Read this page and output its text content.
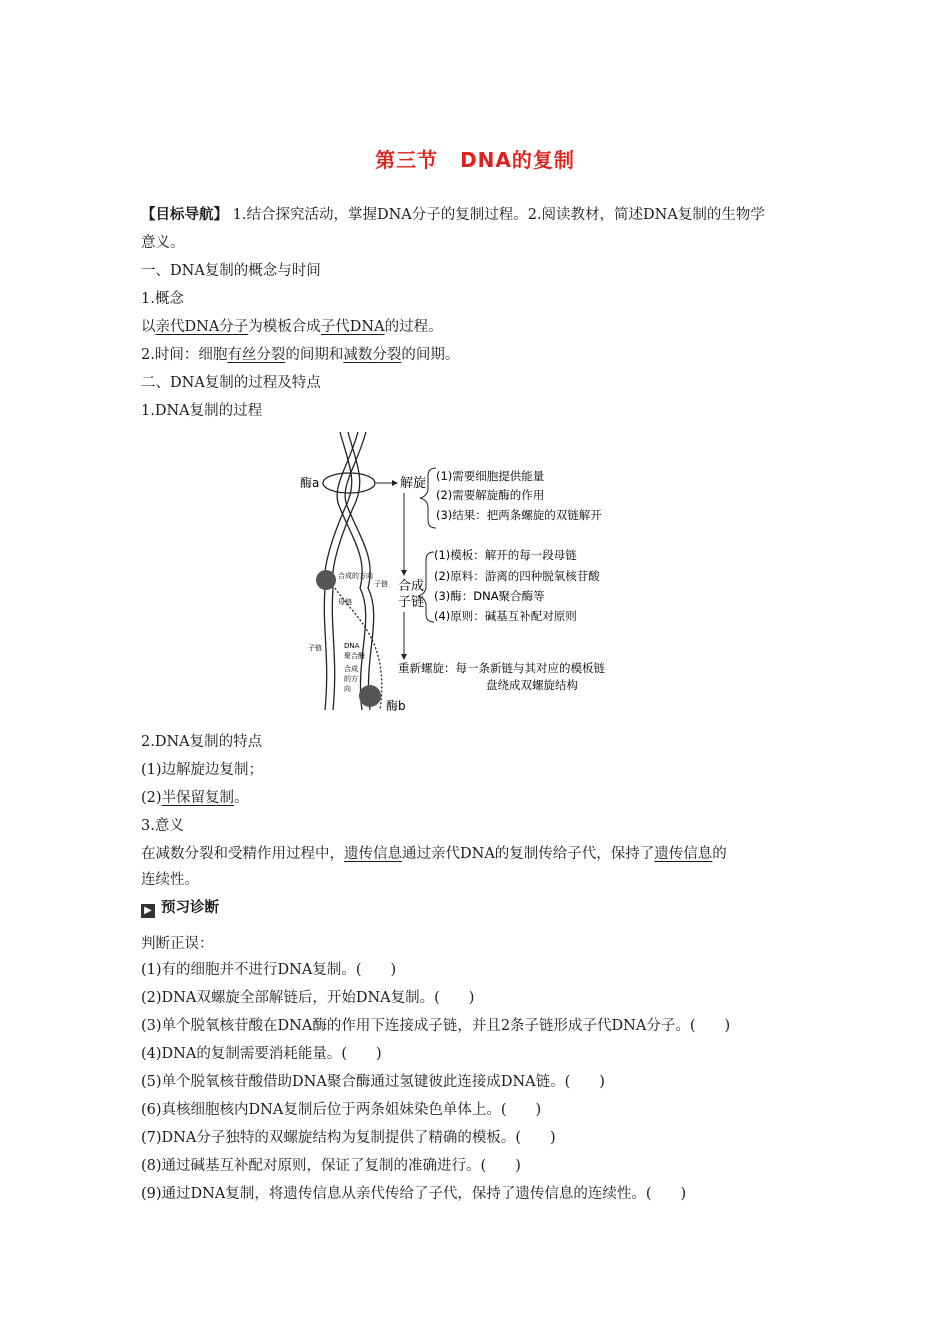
第三节 DNA的复制
【目标导航】 1.结合探究活动，掌握DNA分子的复制过程。2.阅读教材，简述DNA复制的生物学
意义。
一、DNA复制的概念与时间
1.概念
以亲代DNA分子为模板合成子代DNA的过程。
2.时间：细胞有丝分裂的间期和减数分裂的间期。
二、DNA复制的过程及特点
1.DNA复制的过程
酶a
酶b
解旋
合成
子链
(1)需要细胞提供能量
(2)需要解旋酶的作用
(3)结果：把两条螺旋的双链解开
(1)模板：解开的每一段母链
(2)原料：游离的四种脱氧核苷酸
(3)酶：DNA聚合酶等
(4)原则：碱基互补配对原则
重新螺旋：每一条新链与其对应的模板链
盘绕成双螺旋结构
合成的方向
子链
母链
子链	DNA
聚合酶
合成
的方
向
2.DNA复制的特点
(1)边解旋边复制；
(2)半保留复制。
3.意义
在减数分裂和受精作用过程中，遗传信息通过亲代DNA的复制传给子代，保持了遗传信息的
连续性。
▶ 预习诊断
判断正误：
(1)有的细胞并不进行DNA复制。(　　)
(2)DNA双螺旋全部解链后，开始DNA复制。(　　)
(3)单个脱氧核苷酸在DNA酶的作用下连接成子链，并且2条子链形成子代DNA分子。(　　)
(4)DNA的复制需要消耗能量。(　　)
(5)单个脱氧核苷酸借助DNA聚合酶通过氢键彼此连接成DNA链。(　　)
(6)真核细胞核内DNA复制后位于两条姐妹染色单体上。(　　)
(7)DNA分子独特的双螺旋结构为复制提供了精确的模板。(　　)
(8)通过碱基互补配对原则，保证了复制的准确进行。(　　)
(9)通过DNA复制，将遗传信息从亲代传给了子代，保持了遗传信息的连续性。(　　)
